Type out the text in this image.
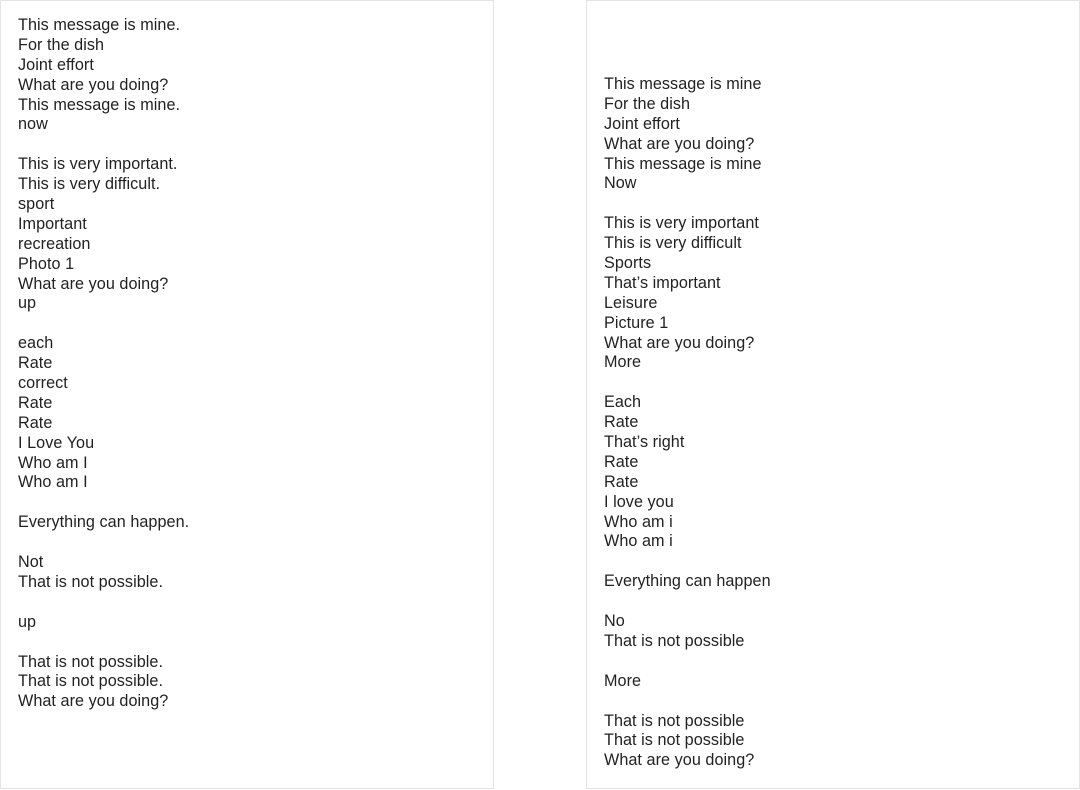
This message is mine.
For the dish
Joint effort
What are you doing?
This message is mine.
now
This is very important.
This is very difficult.
sport
Important
recreation
Photo 1
What are you doing?
up
each
Rate
correct
Rate
Rate
I Love You
Who am I
Who am I
Everything can happen.
Not
That is not possible.
up
That is not possible.
That is not possible.
What are you doing?
This message is mine
For the dish
Joint effort
What are you doing?
This message is mine
Now
This is very important
This is very difficult
Sports
That’s important
Leisure
Picture 1
What are you doing?
More
Each
Rate
That’s right
Rate
Rate
I love you
Who am i
Who am i
Everything can happen
No
That is not possible
More
That is not possible
That is not possible
What are you doing?
